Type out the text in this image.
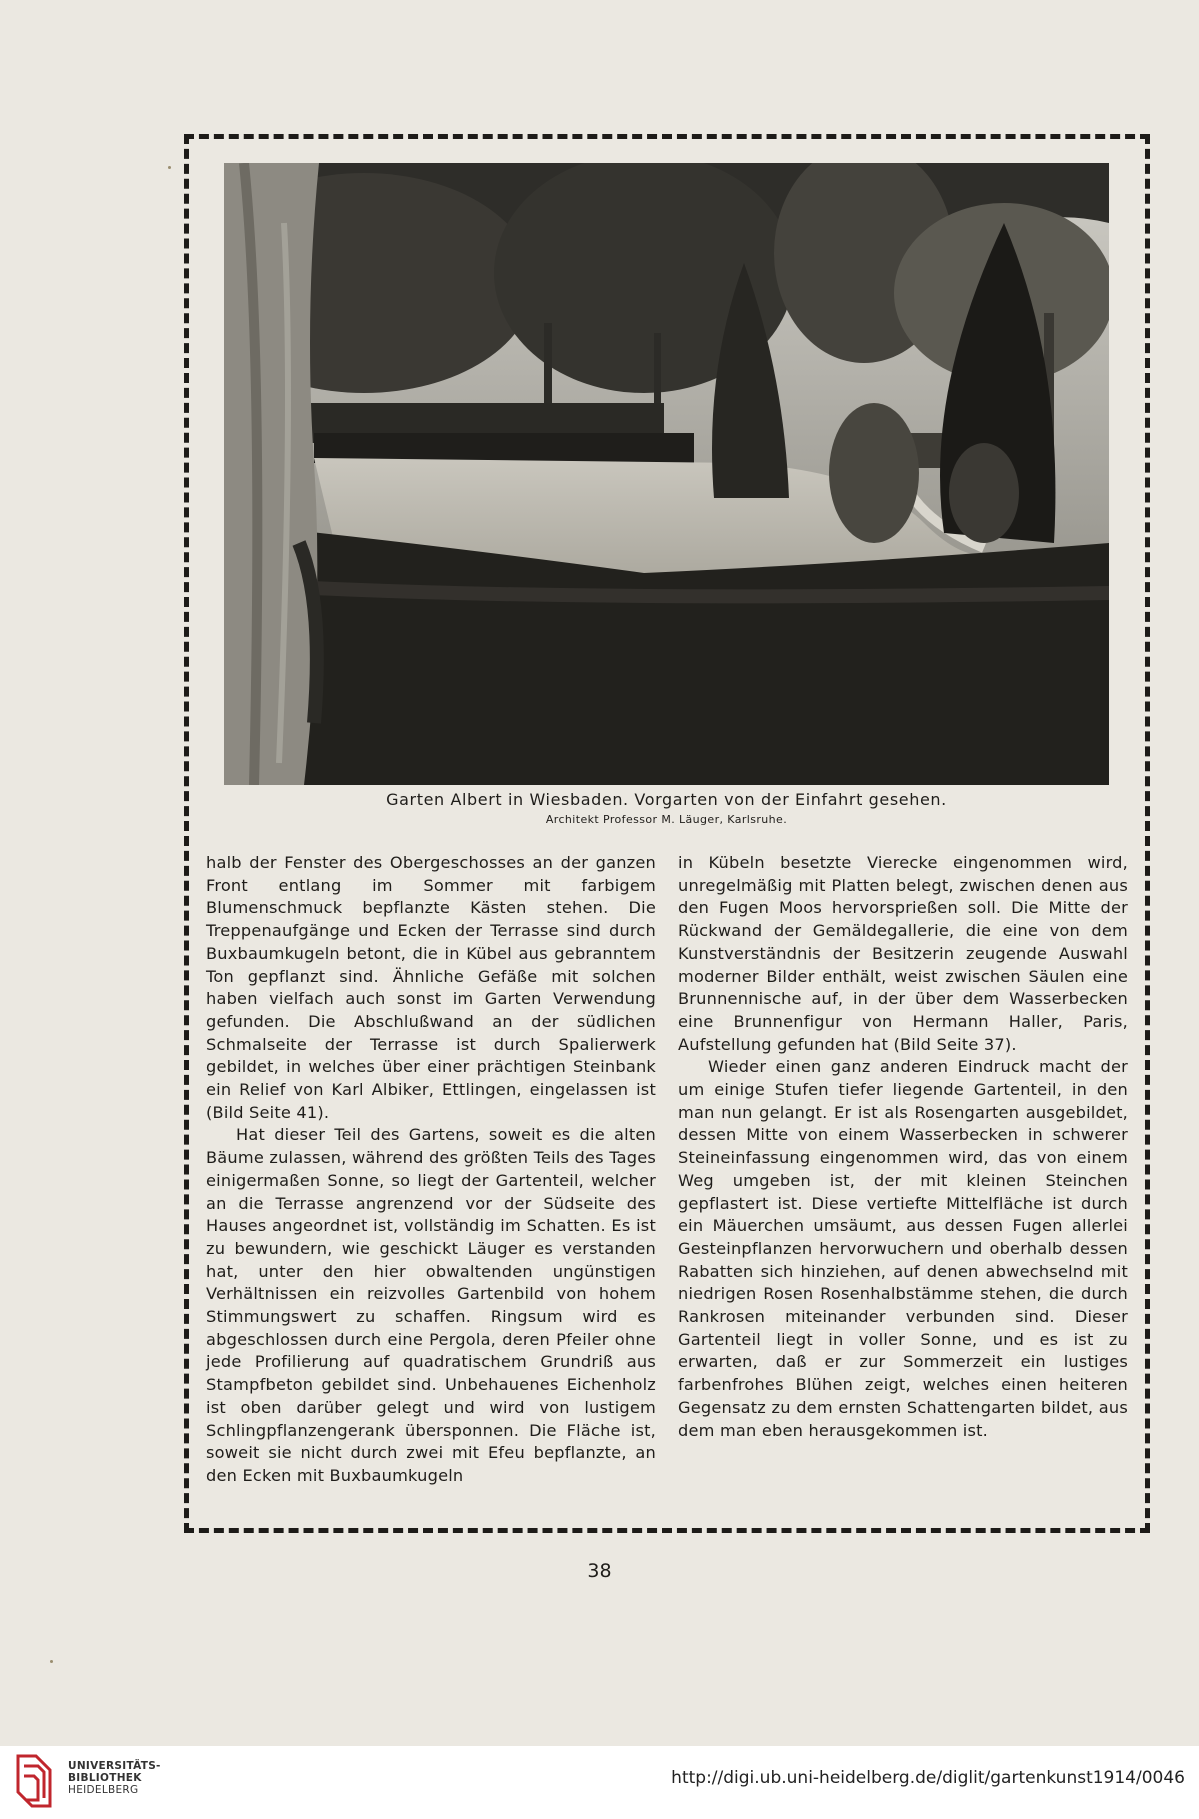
Garten Albert in Wiesbaden. Vorgarten von der Einfahrt gesehen.
Architekt Professor M. Läuger, Karlsruhe.

halb der Fenster des Obergeschosses an der ganzen Front entlang im Sommer mit farbigem Blumenschmuck bepflanzte Kästen stehen. Die Treppenaufgänge und Ecken der Terrasse sind durch Buxbaumkugeln betont, die in Kübel aus gebranntem Ton gepflanzt sind. Ähnliche Gefäße mit solchen haben vielfach auch sonst im Garten Verwendung gefunden. Die Abschlußwand an der südlichen Schmalseite der Terrasse ist durch Spalierwerk gebildet, in welches über einer prächtigen Steinbank ein Relief von Karl Albiker, Ettlingen, eingelassen ist (Bild Seite 41).

Hat dieser Teil des Gartens, soweit es die alten Bäume zulassen, während des größten Teils des Tages einigermaßen Sonne, so liegt der Gartenteil, welcher an die Terrasse angrenzend vor der Südseite des Hauses angeordnet ist, vollständig im Schatten. Es ist zu bewundern, wie geschickt Läuger es verstanden hat, unter den hier obwaltenden ungünstigen Verhältnissen ein reizvolles Gartenbild von hohem Stimmungswert zu schaffen. Ringsum wird es abgeschlossen durch eine Pergola, deren Pfeiler ohne jede Profilierung auf quadratischem Grundriß aus Stampfbeton gebildet sind. Unbehauenes Eichenholz ist oben darüber gelegt und wird von lustigem Schlingpflanzengerank übersponnen. Die Fläche ist, soweit sie nicht durch zwei mit Efeu bepflanzte, an den Ecken mit Buxbaumkugeln

in Kübeln besetzte Vierecke eingenommen wird, unregelmäßig mit Platten belegt, zwischen denen aus den Fugen Moos hervorsprießen soll. Die Mitte der Rückwand der Gemäldegallerie, die eine von dem Kunstverständnis der Besitzerin zeugende Auswahl moderner Bilder enthält, weist zwischen Säulen eine Brunnennische auf, in der über dem Wasserbecken eine Brunnenfigur von Hermann Haller, Paris, Aufstellung gefunden hat (Bild Seite 37).

Wieder einen ganz anderen Eindruck macht der um einige Stufen tiefer liegende Gartenteil, in den man nun gelangt. Er ist als Rosengarten ausgebildet, dessen Mitte von einem Wasserbecken in schwerer Steineinfassung eingenommen wird, das von einem Weg umgeben ist, der mit kleinen Steinchen gepflastert ist. Diese vertiefte Mittelfläche ist durch ein Mäuerchen umsäumt, aus dessen Fugen allerlei Gesteinpflanzen hervorwuchern und oberhalb dessen Rabatten sich hinziehen, auf denen abwechselnd mit niedrigen Rosen Rosenhalbstämme stehen, die durch Rankrosen miteinander verbunden sind. Dieser Gartenteil liegt in voller Sonne, und es ist zu erwarten, daß er zur Sommerzeit ein lustiges farbenfrohes Blühen zeigt, welches einen heiteren Gegensatz zu dem ernsten Schattengarten bildet, aus dem man eben herausgekommen ist.

38
UNIVERSITÄTS-
BIBLIOTHEK
HEIDELBERG
http://digi.ub.uni-heidelberg.de/diglit/gartenkunst1914/0046
